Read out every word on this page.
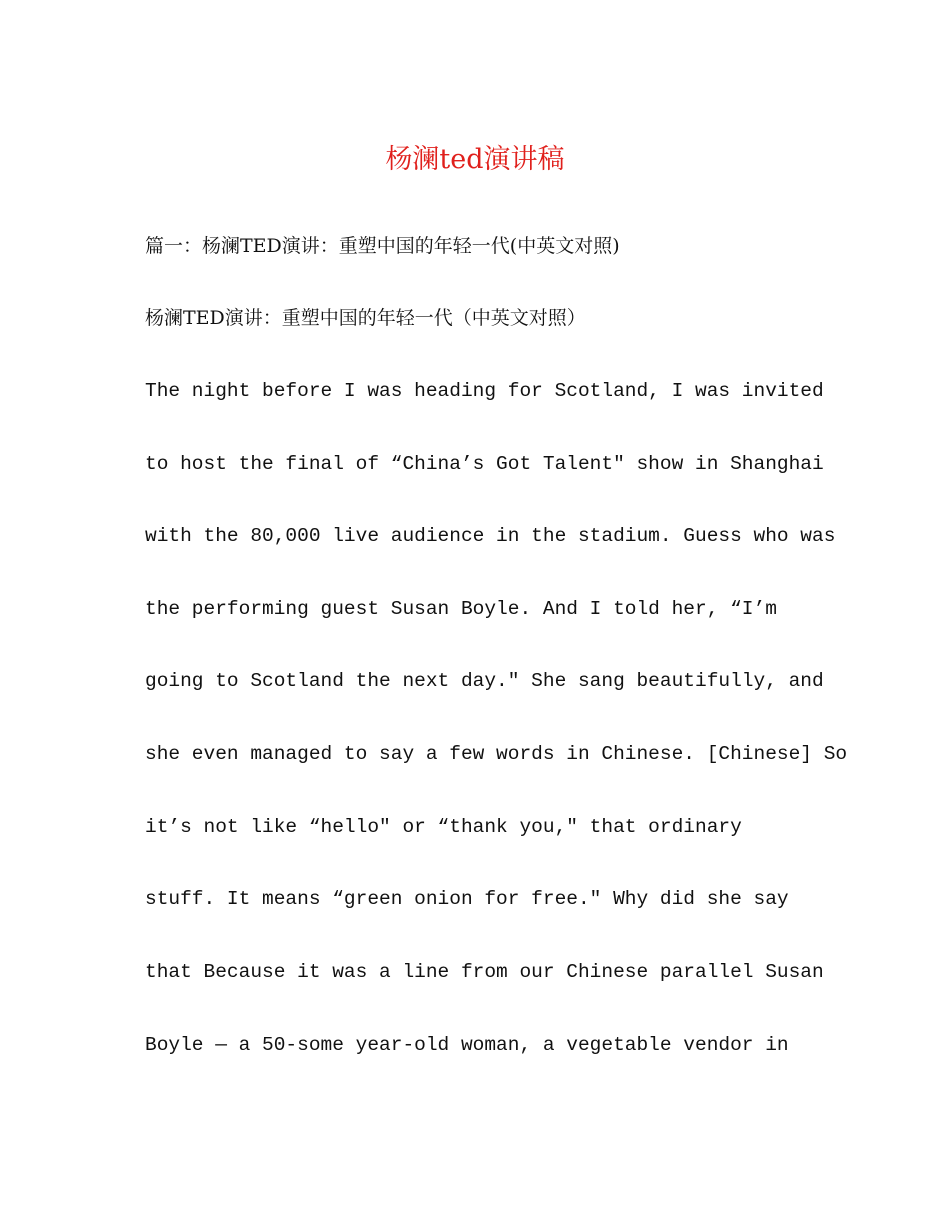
杨澜ted演讲稿

篇一：杨澜TED演讲：重塑中国的年轻一代(中英文对照)

杨澜TED演讲：重塑中国的年轻一代（中英文对照）

The night before I was heading for Scotland, I was invited

to host the final of “China’s Got Talent″ show in Shanghai

with the 80,000 live audience in the stadium. Guess who was

the performing guest Susan Boyle. And I told her, “I’m

going to Scotland the next day.″ She sang beautifully, and

she even managed to say a few words in Chinese. [Chinese] So

it’s not like “hello″ or “thank you,″ that ordinary

stuff. It means “green onion for free.″ Why did she say

that Because it was a line from our Chinese parallel Susan

Boyle — a 50-some year-old woman, a vegetable vendor in
